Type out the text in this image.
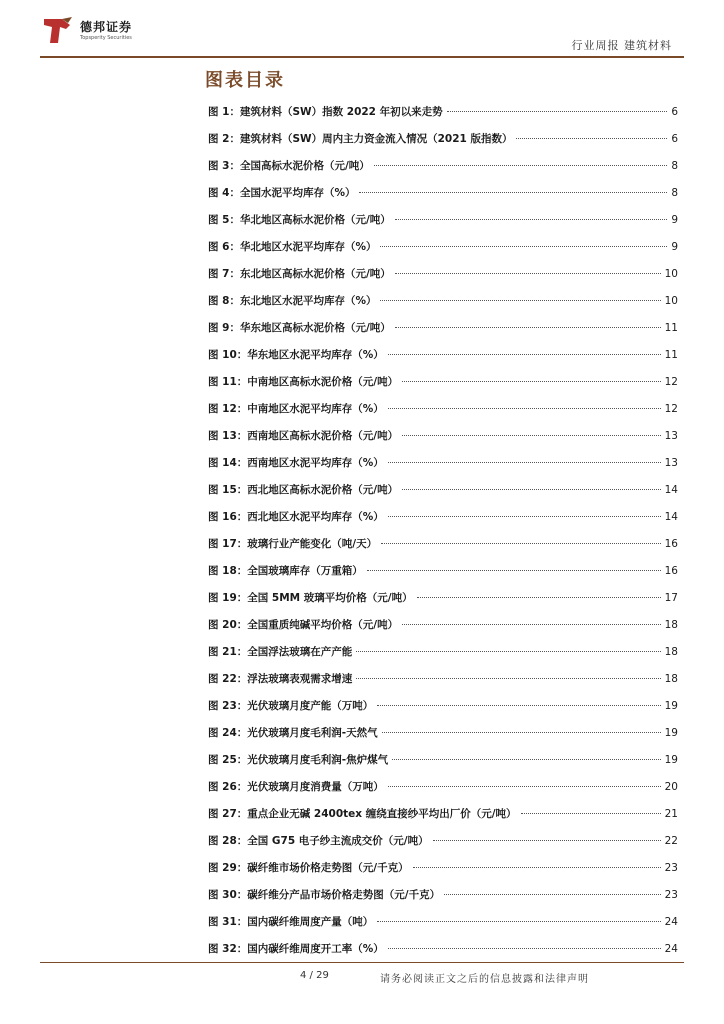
德邦证券
Topsperity Securities
行业周报 建筑材料
图表目录
图 1：建筑材料（SW）指数 2022 年初以来走势	6
图 2：建筑材料（SW）周内主力资金流入情况（2021 版指数）	6
图 3：全国高标水泥价格（元/吨）	8
图 4：全国水泥平均库存（%）	8
图 5：华北地区高标水泥价格（元/吨）	9
图 6：华北地区水泥平均库存（%）	9
图 7：东北地区高标水泥价格（元/吨）	10
图 8：东北地区水泥平均库存（%）	10
图 9：华东地区高标水泥价格（元/吨）	11
图 10：华东地区水泥平均库存（%）	11
图 11：中南地区高标水泥价格（元/吨）	12
图 12：中南地区水泥平均库存（%）	12
图 13：西南地区高标水泥价格（元/吨）	13
图 14：西南地区水泥平均库存（%）	13
图 15：西北地区高标水泥价格（元/吨）	14
图 16：西北地区水泥平均库存（%）	14
图 17：玻璃行业产能变化（吨/天）	16
图 18：全国玻璃库存（万重箱）	16
图 19：全国 5MM 玻璃平均价格（元/吨）	17
图 20：全国重质纯碱平均价格（元/吨）	18
图 21：全国浮法玻璃在产产能	18
图 22：浮法玻璃表观需求增速	18
图 23：光伏玻璃月度产能（万吨）	19
图 24：光伏玻璃月度毛利润-天然气	19
图 25：光伏玻璃月度毛利润-焦炉煤气	19
图 26：光伏玻璃月度消费量（万吨）	20
图 27：重点企业无碱 2400tex 缠绕直接纱平均出厂价（元/吨）	21
图 28：全国 G75 电子纱主流成交价（元/吨）	22
图 29：碳纤维市场价格走势图（元/千克）	23
图 30：碳纤维分产品市场价格走势图（元/千克）	23
图 31：国内碳纤维周度产量（吨）	24
图 32：国内碳纤维周度开工率（%）	24
4 / 29	请务必阅读正文之后的信息披露和法律声明
